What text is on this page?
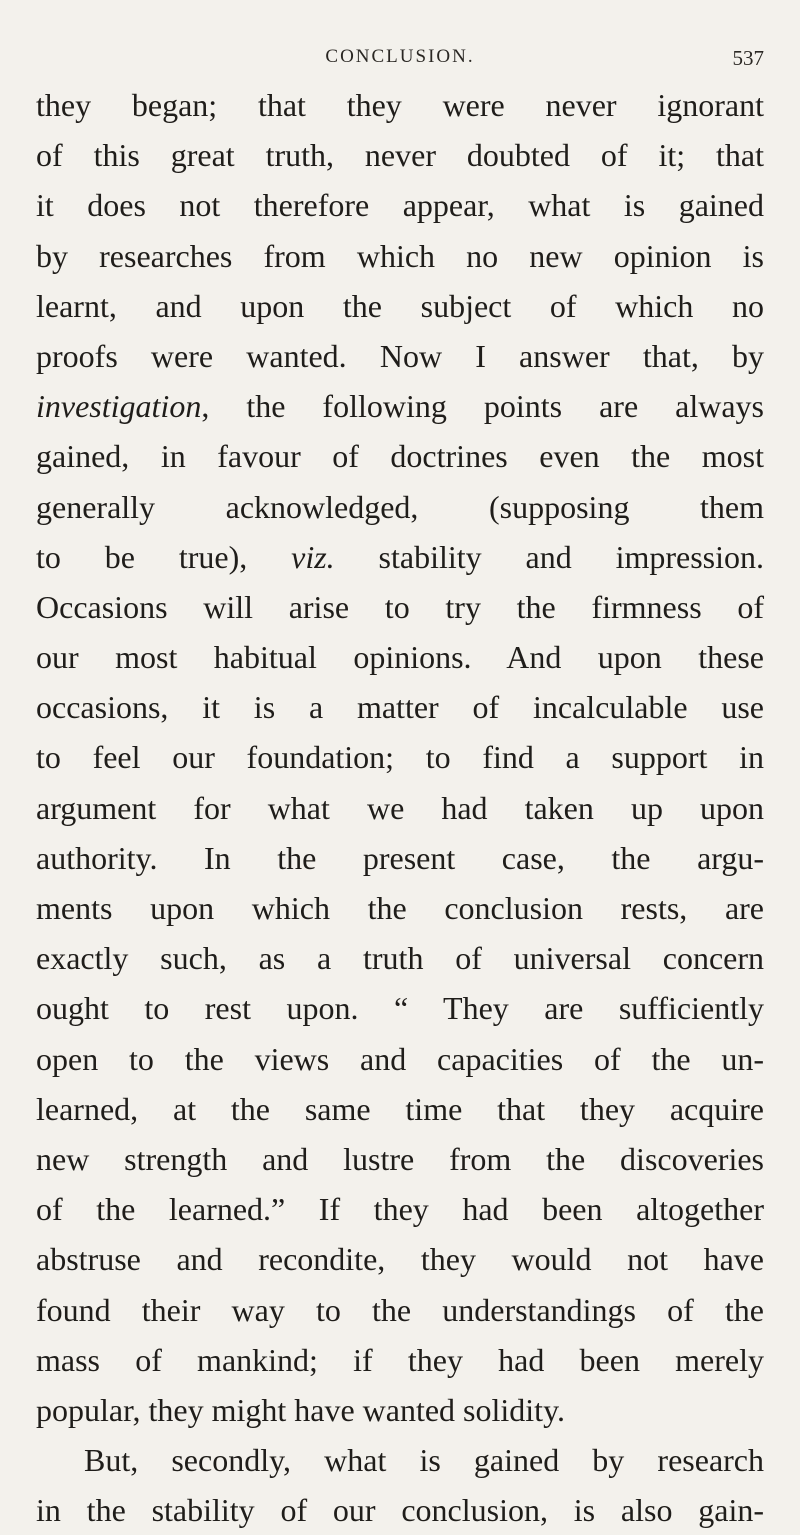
CONCLUSION.	537
they began; that they were never ignorant
of this great truth, never doubted of it; that
it does not therefore appear, what is gained
by researches from which no new opinion is
learnt, and upon the subject of which no
proofs were wanted. Now I answer that, by
investigation, the following points are always
gained, in favour of doctrines even the most
generally acknowledged, (supposing them
to be true), viz. stability and impression.
Occasions will arise to try the firmness of
our most habitual opinions. And upon these
occasions, it is a matter of incalculable use
to feel our foundation; to find a support in
argument for what we had taken up upon
authority. In the present case, the argu-
ments upon which the conclusion rests, are
exactly such, as a truth of universal concern
ought to rest upon. “ They are sufficiently
open to the views and capacities of the un-
learned, at the same time that they acquire
new strength and lustre from the discoveries
of the learned.” If they had been altogether
abstruse and recondite, they would not have
found their way to the understandings of the
mass of mankind; if they had been merely
popular, they might have wanted solidity.
But, secondly, what is gained by research
in the stability of our conclusion, is also gain-
